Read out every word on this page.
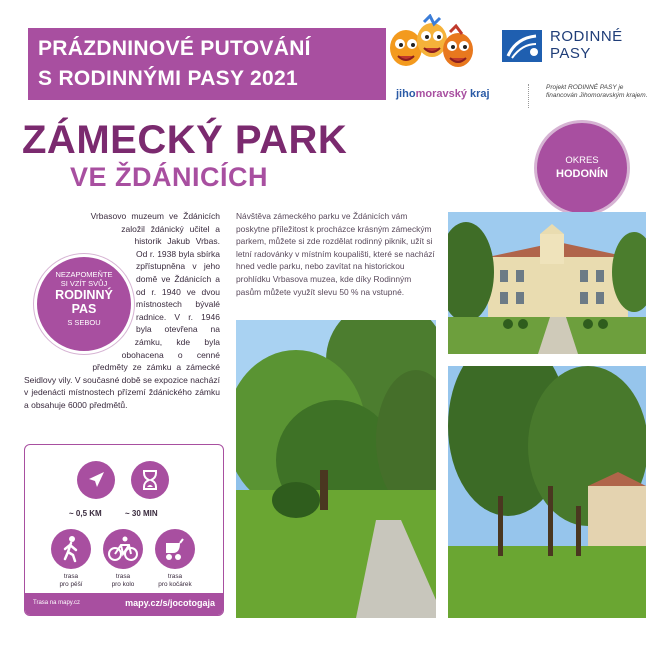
PRÁZDNINOVÉ PUTOVÁNÍ
S RODINNÝMI PASY 2021
jihomoravský kraj
RODINNÉ
PASY
Projekt RODINNÉ PASY je financován Jihomoravským krajem.
ZÁMECKÝ PARK
VE ŽDÁNICÍCH
OKRES
HODONÍN
Vrbasovo muzeum ve Ždánicích založil ždánický učitel a historik Jakub Vrbas. Od r. 1938 byla sbírka zpřístupněna v jeho domě ve Ždánicích a od r. 1940 ve dvou místnostech bývalé radnice. V r. 1946 byla otevřena na zámku, kde byla obohacena o cenné předměty ze zámku a zámecké Seidlovy vily. V současné době se expozice nachází v jedenácti místnostech přízemí ždánického zámku a obsahuje 6000 předmětů.
NEZAPOMEŇTE
SI VZÍT SVŮJ
RODINNÝ
PAS
S SEBOU
Návštěva zámeckého parku ve Ždánicích vám poskytne příležitost k procházce krásným zámeckým parkem, můžete si zde rozdělat rodinný piknik, užít si letní radovánky v místním koupališti, které se nachází hned vedle parku, nebo zavítat na historickou prohlídku Vrbasova muzea, kde díky Rodinným pasům můžete využít slevu 50 % na vstupné.
~ 0,5 KM	~ 30 MIN
trasa
pro pěší
trasa
pro kolo
trasa
pro kočárek
Trasa na mapy.cz	mapy.cz/s/jocotogaja
